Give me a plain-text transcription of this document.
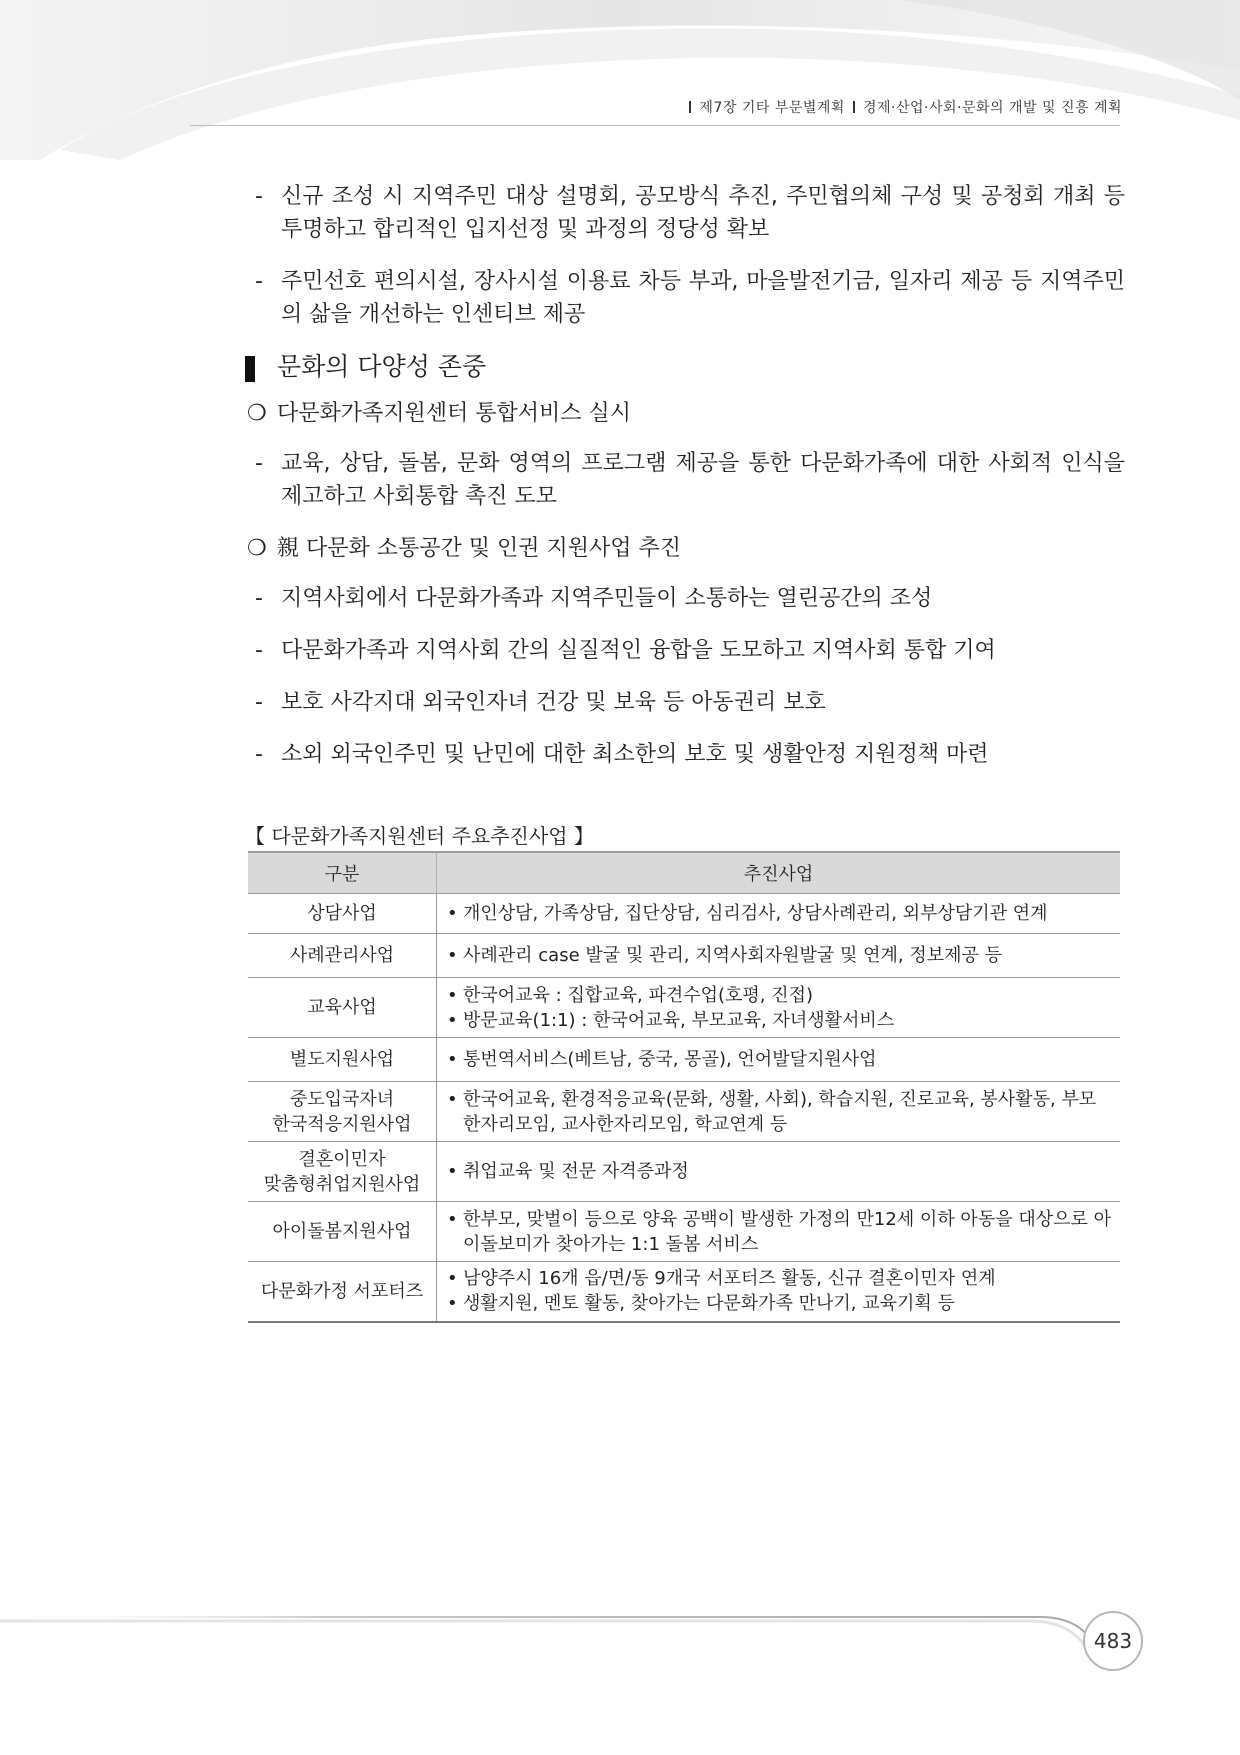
제7장 기타 부문별계획 경제·산업·사회·문화의 개발 및 진흥 계획
- 신규 조성 시 지역주민 대상 설명회, 공모방식 추진, 주민협의체 구성 및 공청회 개최 등 투명하고 합리적인 입지선정 및 과정의 정당성 확보
- 주민선호 편의시설, 장사시설 이용료 차등 부과, 마을발전기금, 일자리 제공 등 지역주민의 삶을 개선하는 인센티브 제공
문화의 다양성 존중
❍ 다문화가족지원센터 통합서비스 실시
- 교육, 상담, 돌봄, 문화 영역의 프로그램 제공을 통한 다문화가족에 대한 사회적 인식을 제고하고 사회통합 촉진 도모
❍ 親 다문화 소통공간 및 인권 지원사업 추진
- 지역사회에서 다문화가족과 지역주민들이 소통하는 열린공간의 조성
- 다문화가족과 지역사회 간의 실질적인 융합을 도모하고 지역사회 통합 기여
- 보호 사각지대 외국인자녀 건강 및 보육 등 아동권리 보호
- 소외 외국인주민 및 난민에 대한 최소한의 보호 및 생활안정 지원정책 마련
【 다문화가족지원센터 주요추진사업 】
구분	추진사업
상담사업	• 개인상담, 가족상담, 집단상담, 심리검사, 상담사례관리, 외부상담기관 연계

사례관리사업	• 사례관리 case 발굴 및 관리, 지역사회자원발굴 및 연계, 정보제공 등

교육사업	• 한국어교육 : 집합교육, 파견수업(호평, 진접)
• 방문교육(1:1) : 한국어교육, 부모교육, 자녀생활서비스

별도지원사업	• 통번역서비스(베트남, 중국, 몽골), 언어발달지원사업

중도입국자녀
한국적응지원사업	• 한국어교육, 환경적응교육(문화, 생활, 사회), 학습지원, 진로교육, 봉사활동, 부모한자리모임, 교사한자리모임, 학교연계 등

결혼이민자
맞춤형취업지원사업	• 취업교육 및 전문 자격증과정

아이돌봄지원사업	• 한부모, 맞벌이 등으로 양육 공백이 발생한 가정의 만12세 이하 아동을 대상으로 아이돌보미가 찾아가는 1:1 돌봄 서비스

다문화가정 서포터즈	• 남양주시 16개 읍/면/동 9개국 서포터즈 활동, 신규 결혼이민자 연계
• 생활지원, 멘토 활동, 찾아가는 다문화가족 만나기, 교육기획 등
483
